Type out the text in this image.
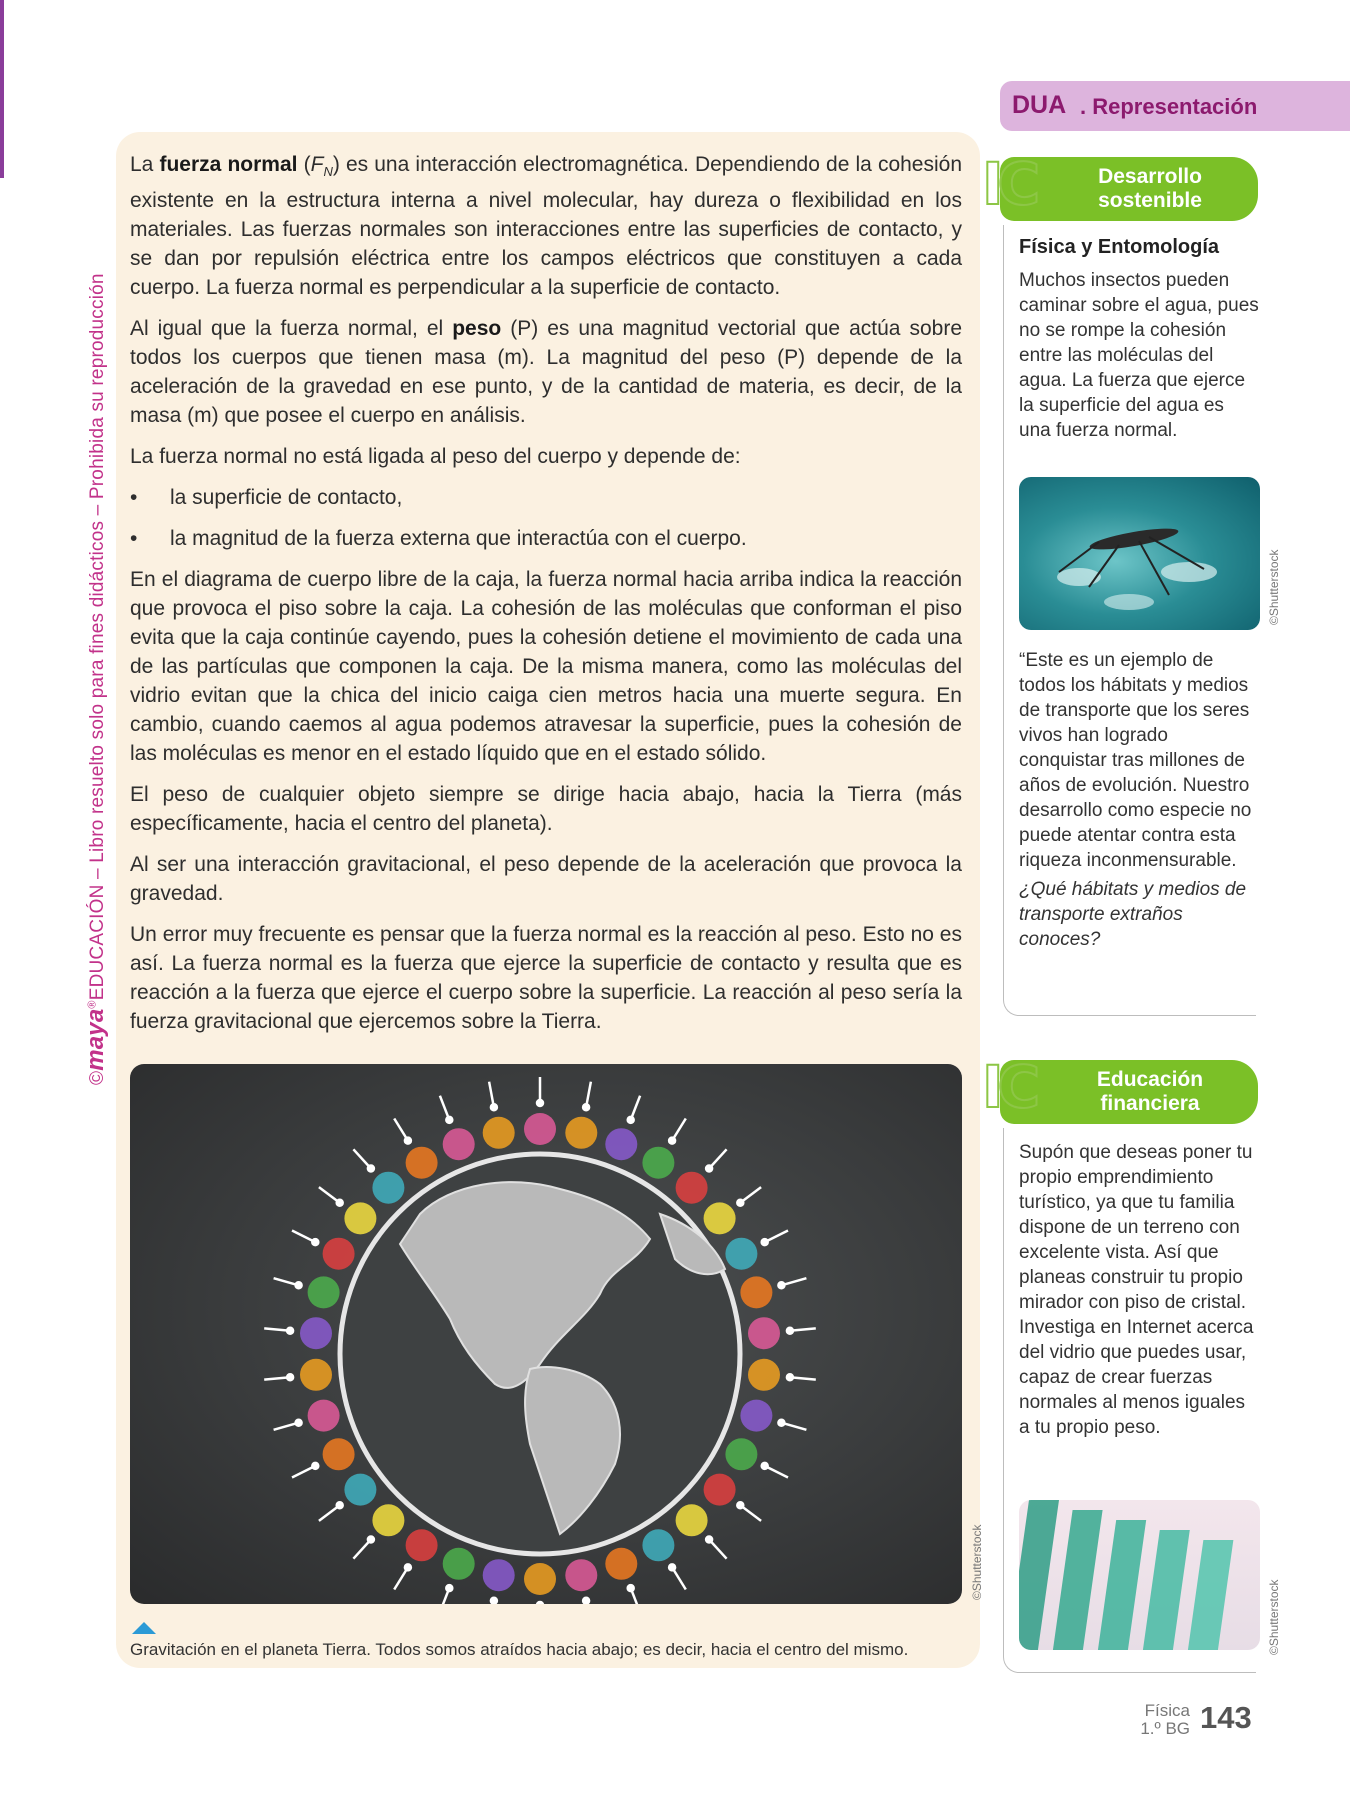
©maya®EDUCACIÓN – Libro resuelto solo para fines didácticos – Prohibida su reproducción

La fuerza normal $(F_N)$ es una interacción electromagnética. Dependiendo de la cohesión existente en la estructura interna a nivel molecular, hay dureza o flexibilidad en los materiales. Las fuerzas normales son interacciones entre las superficies de contacto, y se dan por repulsión eléctrica entre los campos eléctricos que constituyen a cada cuerpo. La fuerza normal es perpendicular a la superficie de contacto.

Al igual que la fuerza normal, el peso (P) es una magnitud vectorial que actúa sobre todos los cuerpos que tienen masa (m). La magnitud del peso (P) depende de la aceleración de la gravedad en ese punto, y de la cantidad de materia, es decir, de la masa (m) que posee el cuerpo en análisis.

La fuerza normal no está ligada al peso del cuerpo y depende de:

• la superficie de contacto,
• la magnitud de la fuerza externa que interactúa con el cuerpo.

En el diagrama de cuerpo libre de la caja, la fuerza normal hacia arriba indica la reacción que provoca el piso sobre la caja. La cohesión de las moléculas que conforman el piso evita que la caja continúe cayendo, pues la cohesión detiene el movimiento de cada una de las partículas que componen la caja. De la misma manera, como las moléculas del vidrio evitan que la chica del inicio caiga cien metros hacia una muerte segura. En cambio, cuando caemos al agua podemos atravesar la superficie, pues la cohesión de las moléculas es menor en el estado líquido que en el estado sólido.

El peso de cualquier objeto siempre se dirige hacia abajo, hacia la Tierra (más específicamente, hacia el centro del planeta).

Al ser una interacción gravitacional, el peso depende de la aceleración que provoca la gravedad.

Un error muy frecuente es pensar que la fuerza normal es la reacción al peso. Esto no es así. La fuerza normal es la fuerza que ejerce la superficie de contacto y resulta que es reacción a la fuerza que ejerce el cuerpo sobre la superficie. La reacción al peso sería la fuerza gravitacional que ejercemos sobre la Tierra.

©Shutterstock
Gravitación en el planeta Tierra. Todos somos atraídos hacia abajo; es decir, hacia el centro del mismo.
DUA . Representación
Desarrollo
sostenible
IC
Física y Entomología

Muchos insectos pueden caminar sobre el agua, pues no se rompe la cohesión entre las moléculas del agua. La fuerza que ejerce la superficie del agua es una fuerza normal.

©Shutterstock

“Este es un ejemplo de todos los hábitats y medios de transporte que los seres vivos han logrado conquistar tras millones de años de evolución. Nuestro desarrollo como especie no puede atentar contra esta riqueza inconmensurable.

¿Qué hábitats y medios de transporte extraños conoces?

Educación
financiera
IC

Supón que deseas poner tu propio emprendimiento turístico, ya que tu familia dispone de un terreno con excelente vista. Así que planeas construir tu propio mirador con piso de cristal. Investiga en Internet acerca del vidrio que puedes usar, capaz de crear fuerzas normales al menos iguales a tu propio peso.

©Shutterstock
Física
1.º BG 143
